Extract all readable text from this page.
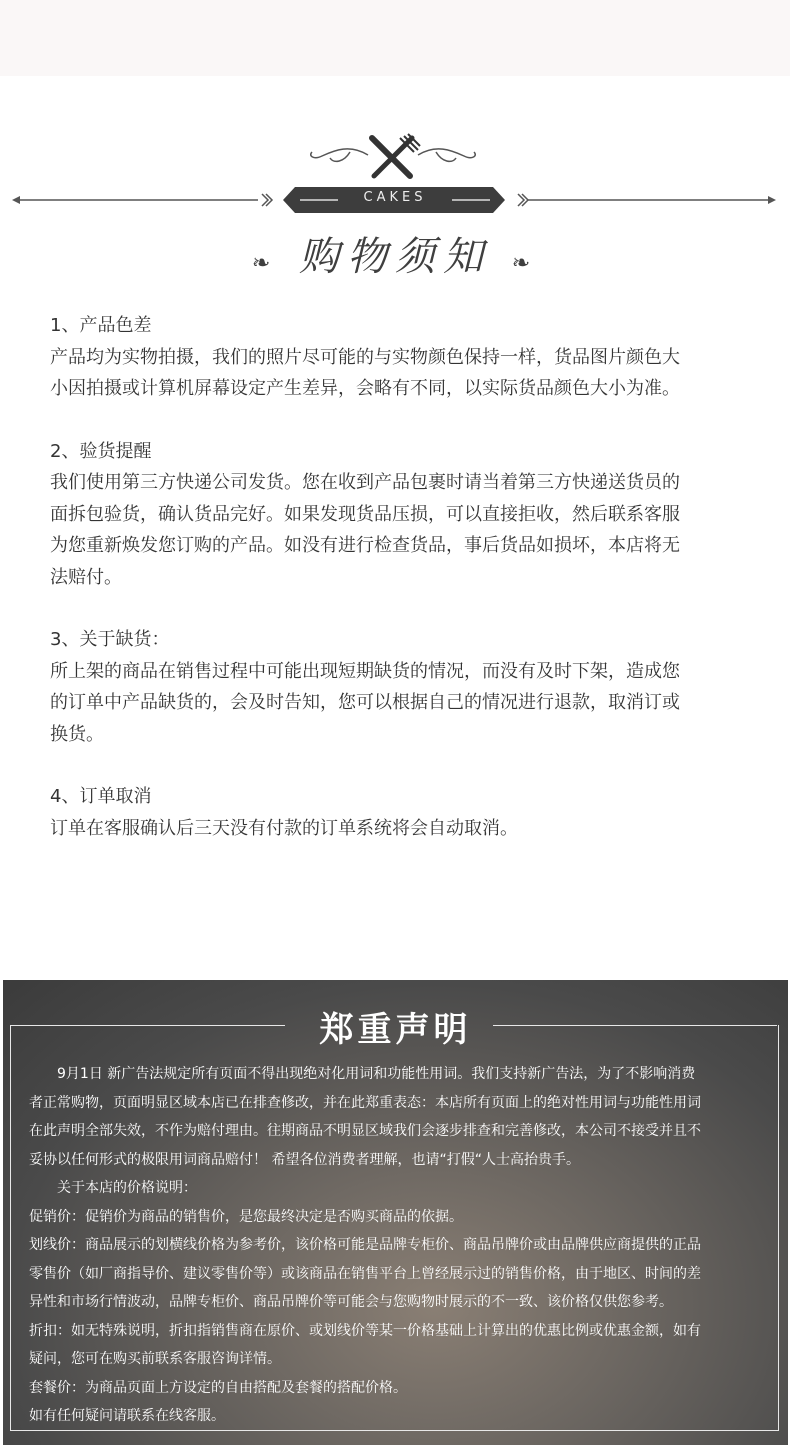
❧ 购物须知 ❧
1、产品色差
产品均为实物拍摄，我们的照片尽可能的与实物颜色保持一样，货品图片颜色大
小因拍摄或计算机屏幕设定产生差异，会略有不同，以实际货品颜色大小为准。
2、验货提醒
我们使用第三方快递公司发货。您在收到产品包裹时请当着第三方快递送货员的
面拆包验货，确认货品完好。如果发现货品压损，可以直接拒收，然后联系客服
为您重新焕发您订购的产品。如没有进行检查货品，事后货品如损坏，本店将无
法赔付。
3、关于缺货：
所上架的商品在销售过程中可能出现短期缺货的情况，而没有及时下架，造成您
的订单中产品缺货的，会及时告知，您可以根据自己的情况进行退款，取消订或
换货。
4、订单取消
订单在客服确认后三天没有付款的订单系统将会自动取消。
郑重声明

9月1日 新广告法规定所有页面不得出现绝对化用词和功能性用词。我们支持新广告法，为了不影响消费

者正常购物，页面明显区域本店已在排查修改，并在此郑重表态：本店所有页面上的绝对性用词与功能性用词

在此声明全部失效，不作为赔付理由。往期商品不明显区域我们会逐步排查和完善修改，本公司不接受并且不

妥协以任何形式的极限用词商品赔付！ 希望各位消费者理解，也请“打假“人士高抬贵手。

关于本店的价格说明：

促销价：促销价为商品的销售价，是您最终决定是否购买商品的依据。

划线价：商品展示的划横线价格为参考价，该价格可能是品牌专柜价、商品吊牌价或由品牌供应商提供的正品

零售价（如厂商指导价、建议零售价等）或该商品在销售平台上曾经展示过的销售价格，由于地区、时间的差

异性和市场行情波动，品牌专柜价、商品吊牌价等可能会与您购物时展示的不一致、该价格仅供您参考。

折扣：如无特殊说明，折扣指销售商在原价、或划线价等某一价格基础上计算出的优惠比例或优惠金额，如有

疑问，您可在购买前联系客服咨询详情。

套餐价：为商品页面上方设定的自由搭配及套餐的搭配价格。

如有任何疑问请联系在线客服。

CAKES
